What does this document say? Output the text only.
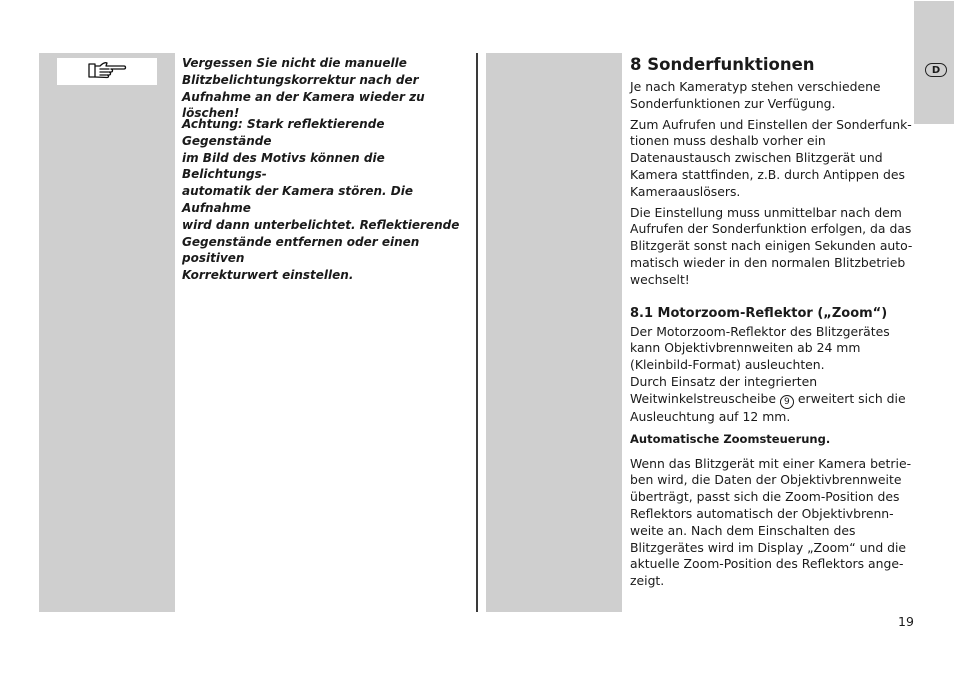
D

Vergessen Sie nicht die manuelle
Blitzbelichtungskorrektur nach der
Aufnahme an der Kamera wieder zu löschen!

Achtung: Stark reflektierende Gegenstände
im Bild des Motivs können die Belichtungs-
automatik der Kamera stören. Die Aufnahme
wird dann unterbelichtet. Reflektierende
Gegenstände entfernen oder einen positiven
Korrekturwert einstellen.

8 Sonderfunktionen

Je nach Kameratyp stehen verschiedene
Sonderfunktionen zur Verfügung.

Zum Aufrufen und Einstellen der Sonderfunk-
tionen muss deshalb vorher ein
Datenaustausch zwischen Blitzgerät und
Kamera stattfinden, z.B. durch Antippen des
Kameraauslösers.

Die Einstellung muss unmittelbar nach dem
Aufrufen der Sonderfunktion erfolgen, da das
Blitzgerät sonst nach einigen Sekunden auto-
matisch wieder in den normalen Blitzbetrieb
wechselt!

8.1 Motorzoom-Reflektor („Zoom“)

Der Motorzoom-Reflektor des Blitzgerätes
kann Objektivbrennweiten ab 24 mm
(Kleinbild-Format) ausleuchten.

Durch Einsatz der integrierten
Weitwinkelstreuscheibe 9 erweitert sich die
Ausleuchtung auf 12 mm.

Automatische Zoomsteuerung.

Wenn das Blitzgerät mit einer Kamera betrie-
ben wird, die Daten der Objektivbrennweite
überträgt, passt sich die Zoom-Position des
Reflektors automatisch der Objektivbrenn-
weite an. Nach dem Einschalten des
Blitzgerätes wird im Display „Zoom“ und die
aktuelle Zoom-Position des Reflektors ange-
zeigt.

19
